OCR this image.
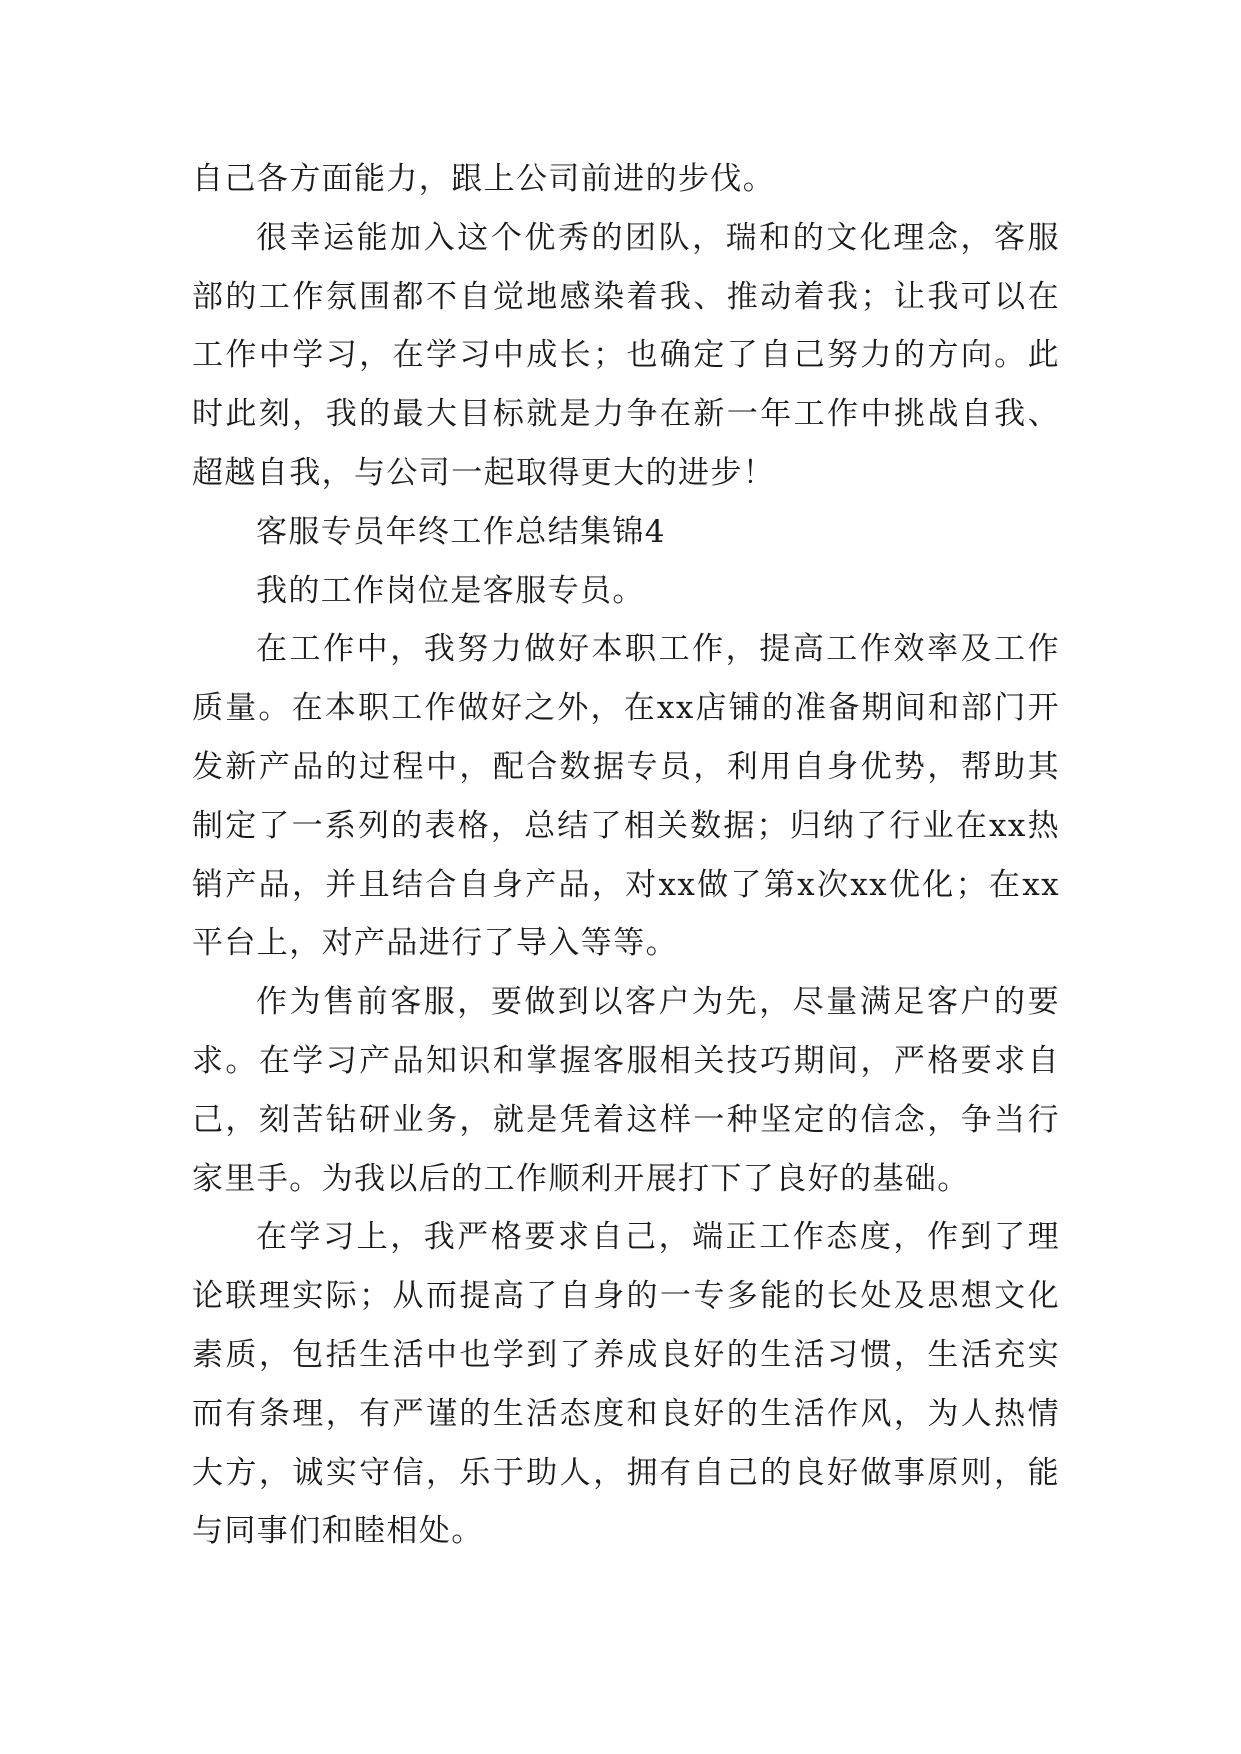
自己各方面能力，跟上公司前进的步伐。

很幸运能加入这个优秀的团队，瑞和的文化理念，客服部的工作氛围都不自觉地感染着我、推动着我；让我可以在工作中学习，在学习中成长；也确定了自己努力的方向。此时此刻，我的最大目标就是力争在新一年工作中挑战自我、超越自我，与公司一起取得更大的进步！

客服专员年终工作总结集锦4

我的工作岗位是客服专员。

在工作中，我努力做好本职工作，提高工作效率及工作质量。在本职工作做好之外，在xx店铺的准备期间和部门开发新产品的过程中，配合数据专员，利用自身优势，帮助其制定了一系列的表格，总结了相关数据；归纳了行业在xx热销产品，并且结合自身产品，对xx做了第x次xx优化；在xx平台上，对产品进行了导入等等。

作为售前客服，要做到以客户为先，尽量满足客户的要求。在学习产品知识和掌握客服相关技巧期间，严格要求自己，刻苦钻研业务，就是凭着这样一种坚定的信念，争当行家里手。为我以后的工作顺利开展打下了良好的基础。

在学习上，我严格要求自己，端正工作态度，作到了理论联理实际；从而提高了自身的一专多能的长处及思想文化素质，包括生活中也学到了养成良好的生活习惯，生活充实而有条理，有严谨的生活态度和良好的生活作风，为人热情大方，诚实守信，乐于助人，拥有自己的良好做事原则，能与同事们和睦相处。
